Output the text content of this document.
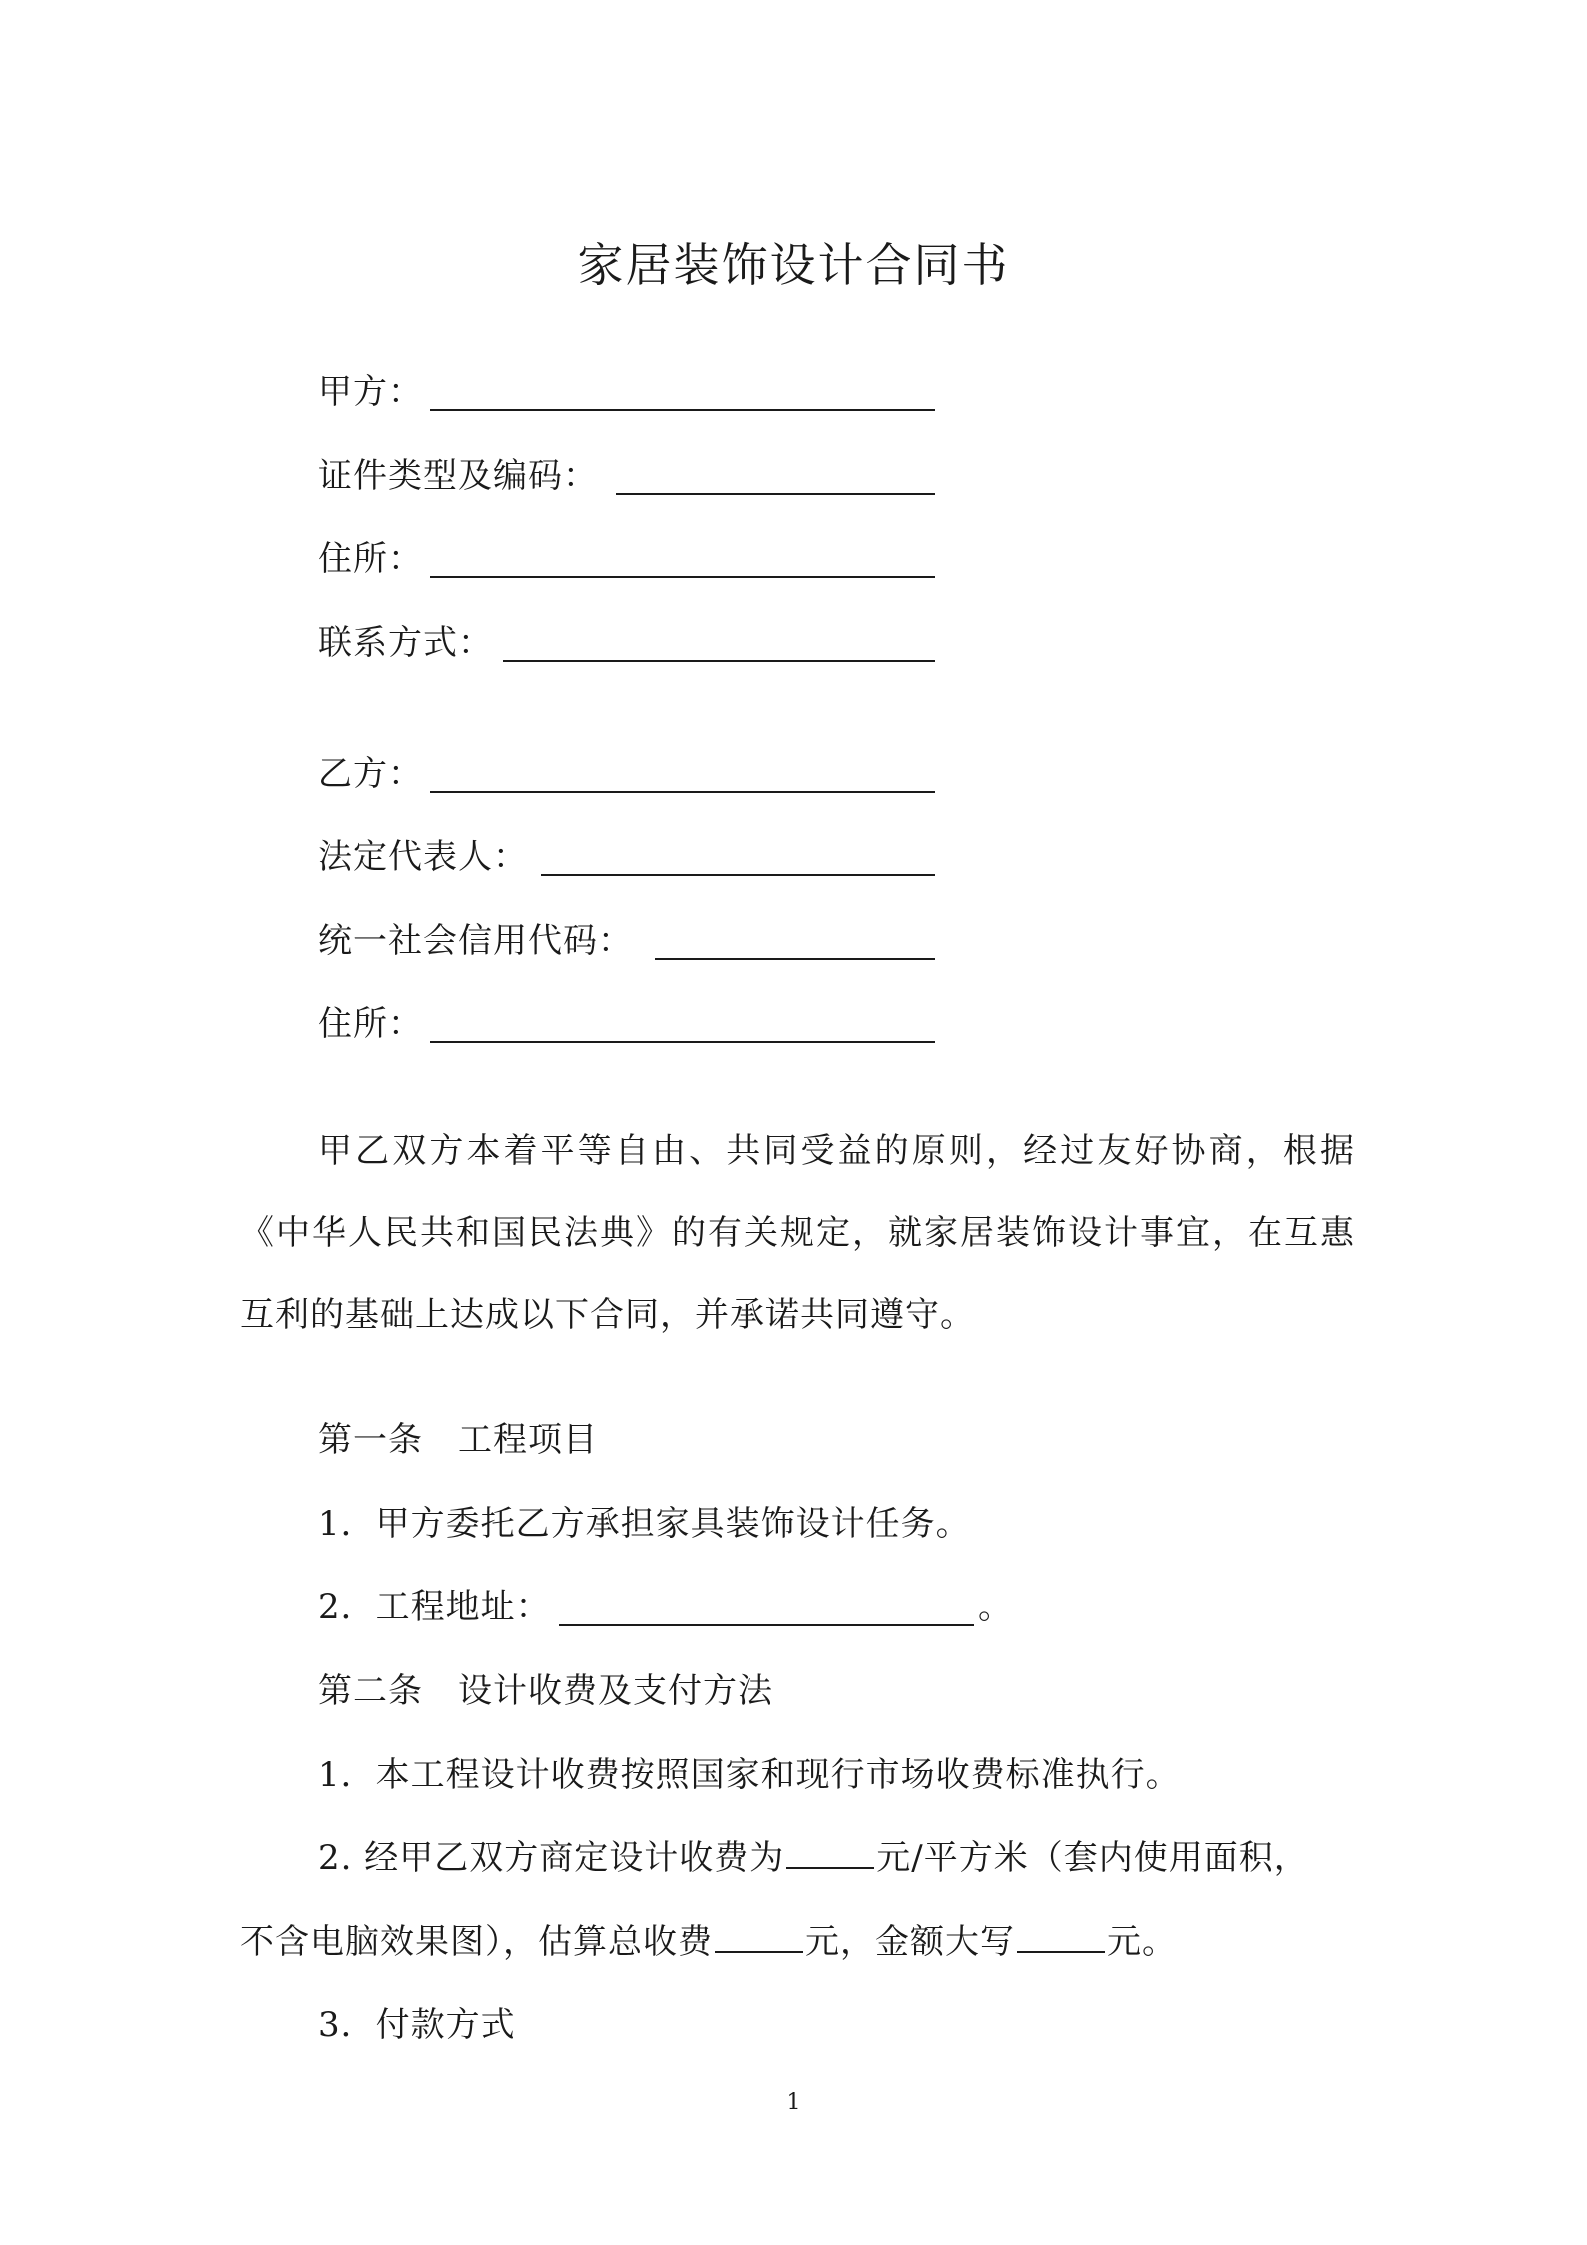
家居装饰设计合同书
甲方：
证件类型及编码：
住所：
联系方式：
乙方：
法定代表人：
统一社会信用代码：
住所：
甲乙双方本着平等自由、共同受益的原则，经过友好协商，根据《中华人民共和国民法典》的有关规定，就家居装饰设计事宜，在互惠互利的基础上达成以下合同，并承诺共同遵守。
第一条　工程项目
1．甲方委托乙方承担家具装饰设计任务。
2．工程地址：	。
第二条　设计收费及支付方法
1．本工程设计收费按照国家和现行市场收费标准执行。
2. 经甲乙双方商定设计收费为	元/平方米（套内使用面积，
不含电脑效果图），估算总收费	元，金额大写	元。
3．付款方式
1
